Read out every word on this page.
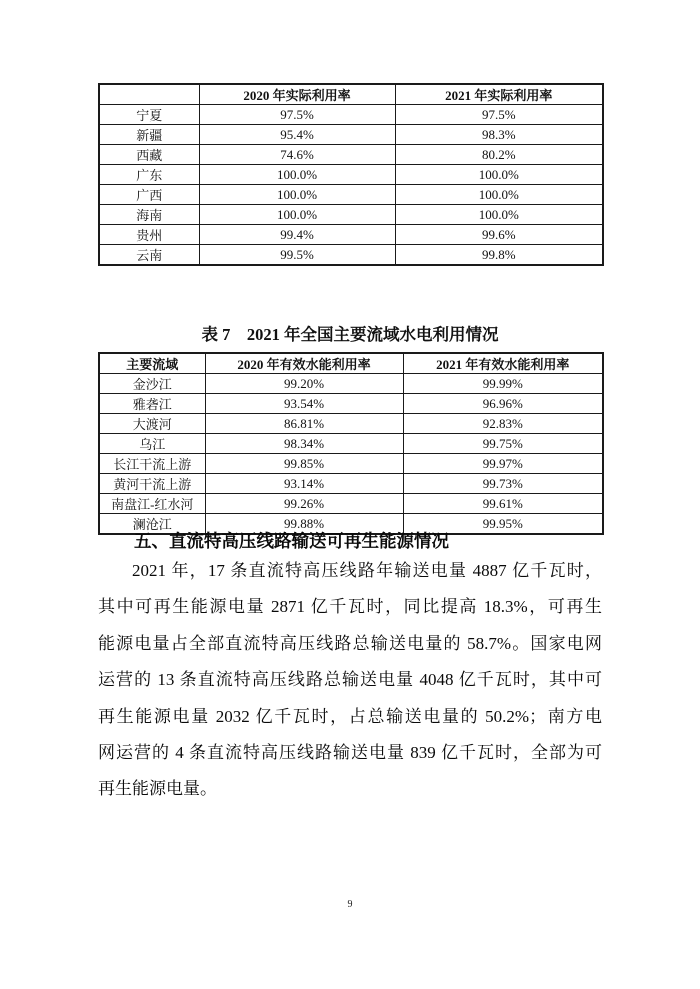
	2020 年实际利用率	2021 年实际利用率
宁夏	97.5%	97.5%
新疆	95.4%	98.3%
西藏	74.6%	80.2%
广东	100.0%	100.0%
广西	100.0%	100.0%
海南	100.0%	100.0%
贵州	99.4%	99.6%
云南	99.5%	99.8%
表 7　2021 年全国主要流域水电利用情况
主要流域	2020 年有效水能利用率	2021 年有效水能利用率
金沙江	99.20%	99.99%
雅砻江	93.54%	96.96%
大渡河	86.81%	92.83%
乌江	98.34%	99.75%
长江干流上游	99.85%	99.97%
黄河干流上游	93.14%	99.73%
南盘江-红水河	99.26%	99.61%
澜沧江	99.88%	99.95%
五、直流特高压线路输送可再生能源情况
2021 年，17 条直流特高压线路年输送电量 4887 亿千瓦时，
其中可再生能源电量 2871 亿千瓦时，同比提高 18.3%，可再生
能源电量占全部直流特高压线路总输送电量的 58.7%。国家电网
运营的 13 条直流特高压线路总输送电量 4048 亿千瓦时，其中可
再生能源电量 2032 亿千瓦时，占总输送电量的 50.2%；南方电
网运营的 4 条直流特高压线路输送电量 839 亿千瓦时，全部为可
再生能源电量。
9
